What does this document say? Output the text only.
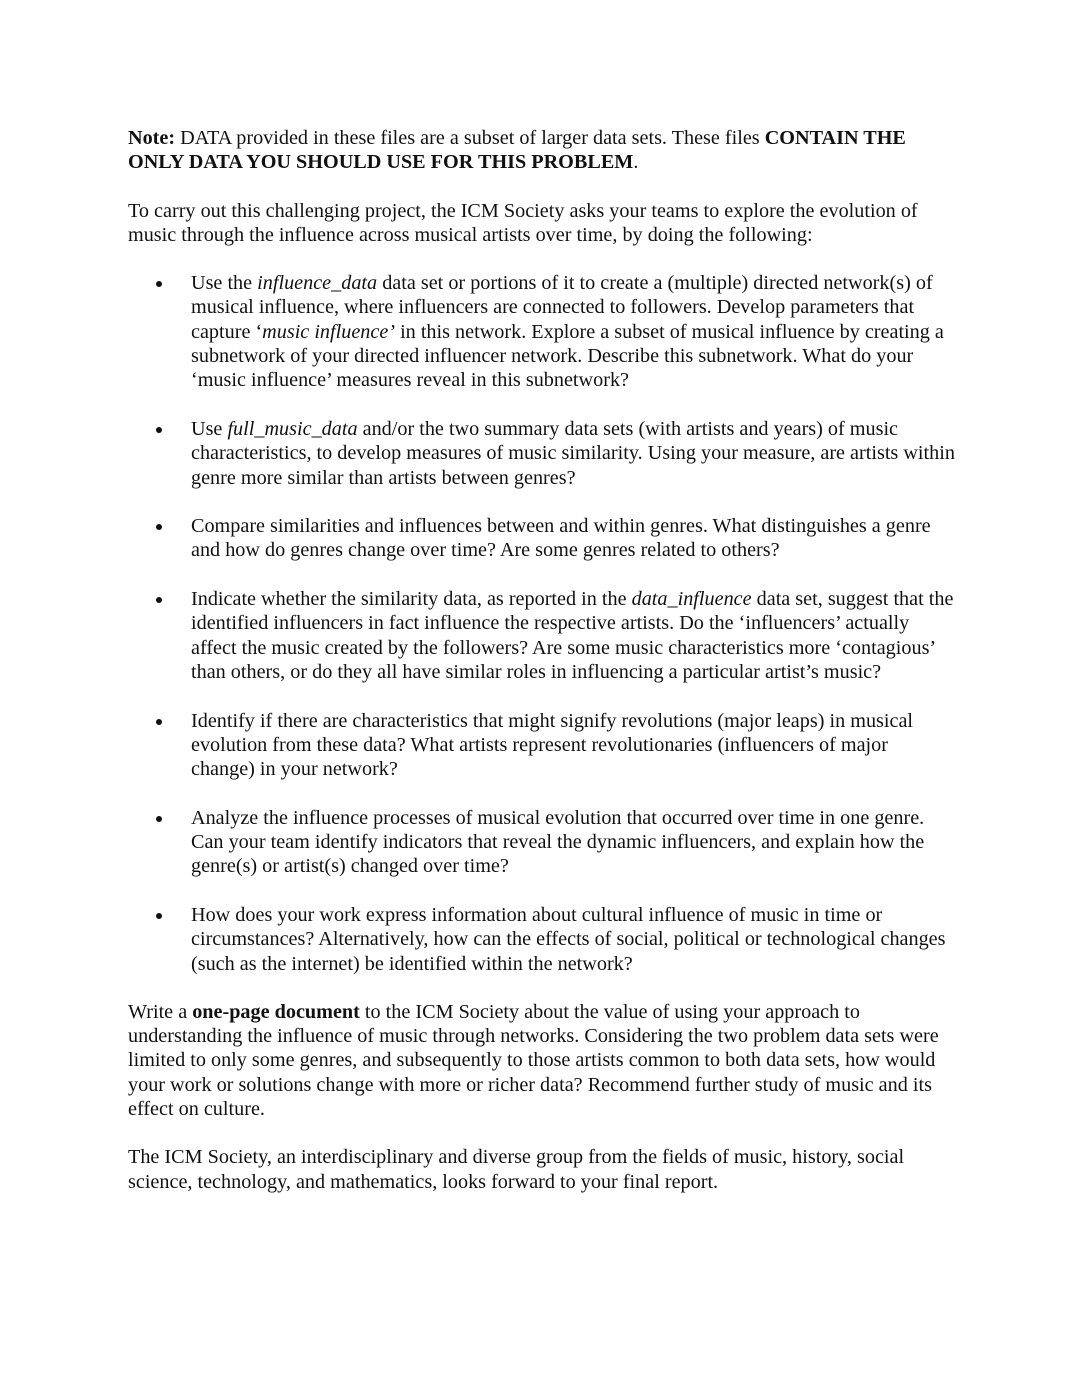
Note: DATA provided in these files are a subset of larger data sets. These files CONTAIN THE ONLY DATA YOU SHOULD USE FOR THIS PROBLEM.

To carry out this challenging project, the ICM Society asks your teams to explore the evolution of music through the influence across musical artists over time, by doing the following:

Use the influence_data data set or portions of it to create a (multiple) directed network(s) of musical influence, where influencers are connected to followers. Develop parameters that capture ‘music influence’ in this network. Explore a subset of musical influence by creating a subnetwork of your directed influencer network. Describe this subnetwork. What do your ‘music influence’ measures reveal in this subnetwork?
Use full_music_data and/or the two summary data sets (with artists and years) of music characteristics, to develop measures of music similarity. Using your measure, are artists within genre more similar than artists between genres?
Compare similarities and influences between and within genres. What distinguishes a genre and how do genres change over time? Are some genres related to others?
Indicate whether the similarity data, as reported in the data_influence data set, suggest that the identified influencers in fact influence the respective artists. Do the ‘influencers’ actually affect the music created by the followers? Are some music characteristics more ‘contagious’ than others, or do they all have similar roles in influencing a particular artist’s music?
Identify if there are characteristics that might signify revolutions (major leaps) in musical evolution from these data? What artists represent revolutionaries (influencers of major change) in your network?
Analyze the influence processes of musical evolution that occurred over time in one genre. Can your team identify indicators that reveal the dynamic influencers, and explain how the genre(s) or artist(s) changed over time?
How does your work express information about cultural influence of music in time or circumstances? Alternatively, how can the effects of social, political or technological changes (such as the internet) be identified within the network?

Write a one-page document to the ICM Society about the value of using your approach to understanding the influence of music through networks. Considering the two problem data sets were limited to only some genres, and subsequently to those artists common to both data sets, how would your work or solutions change with more or richer data? Recommend further study of music and its effect on culture.

The ICM Society, an interdisciplinary and diverse group from the fields of music, history, social science, technology, and mathematics, looks forward to your final report.
